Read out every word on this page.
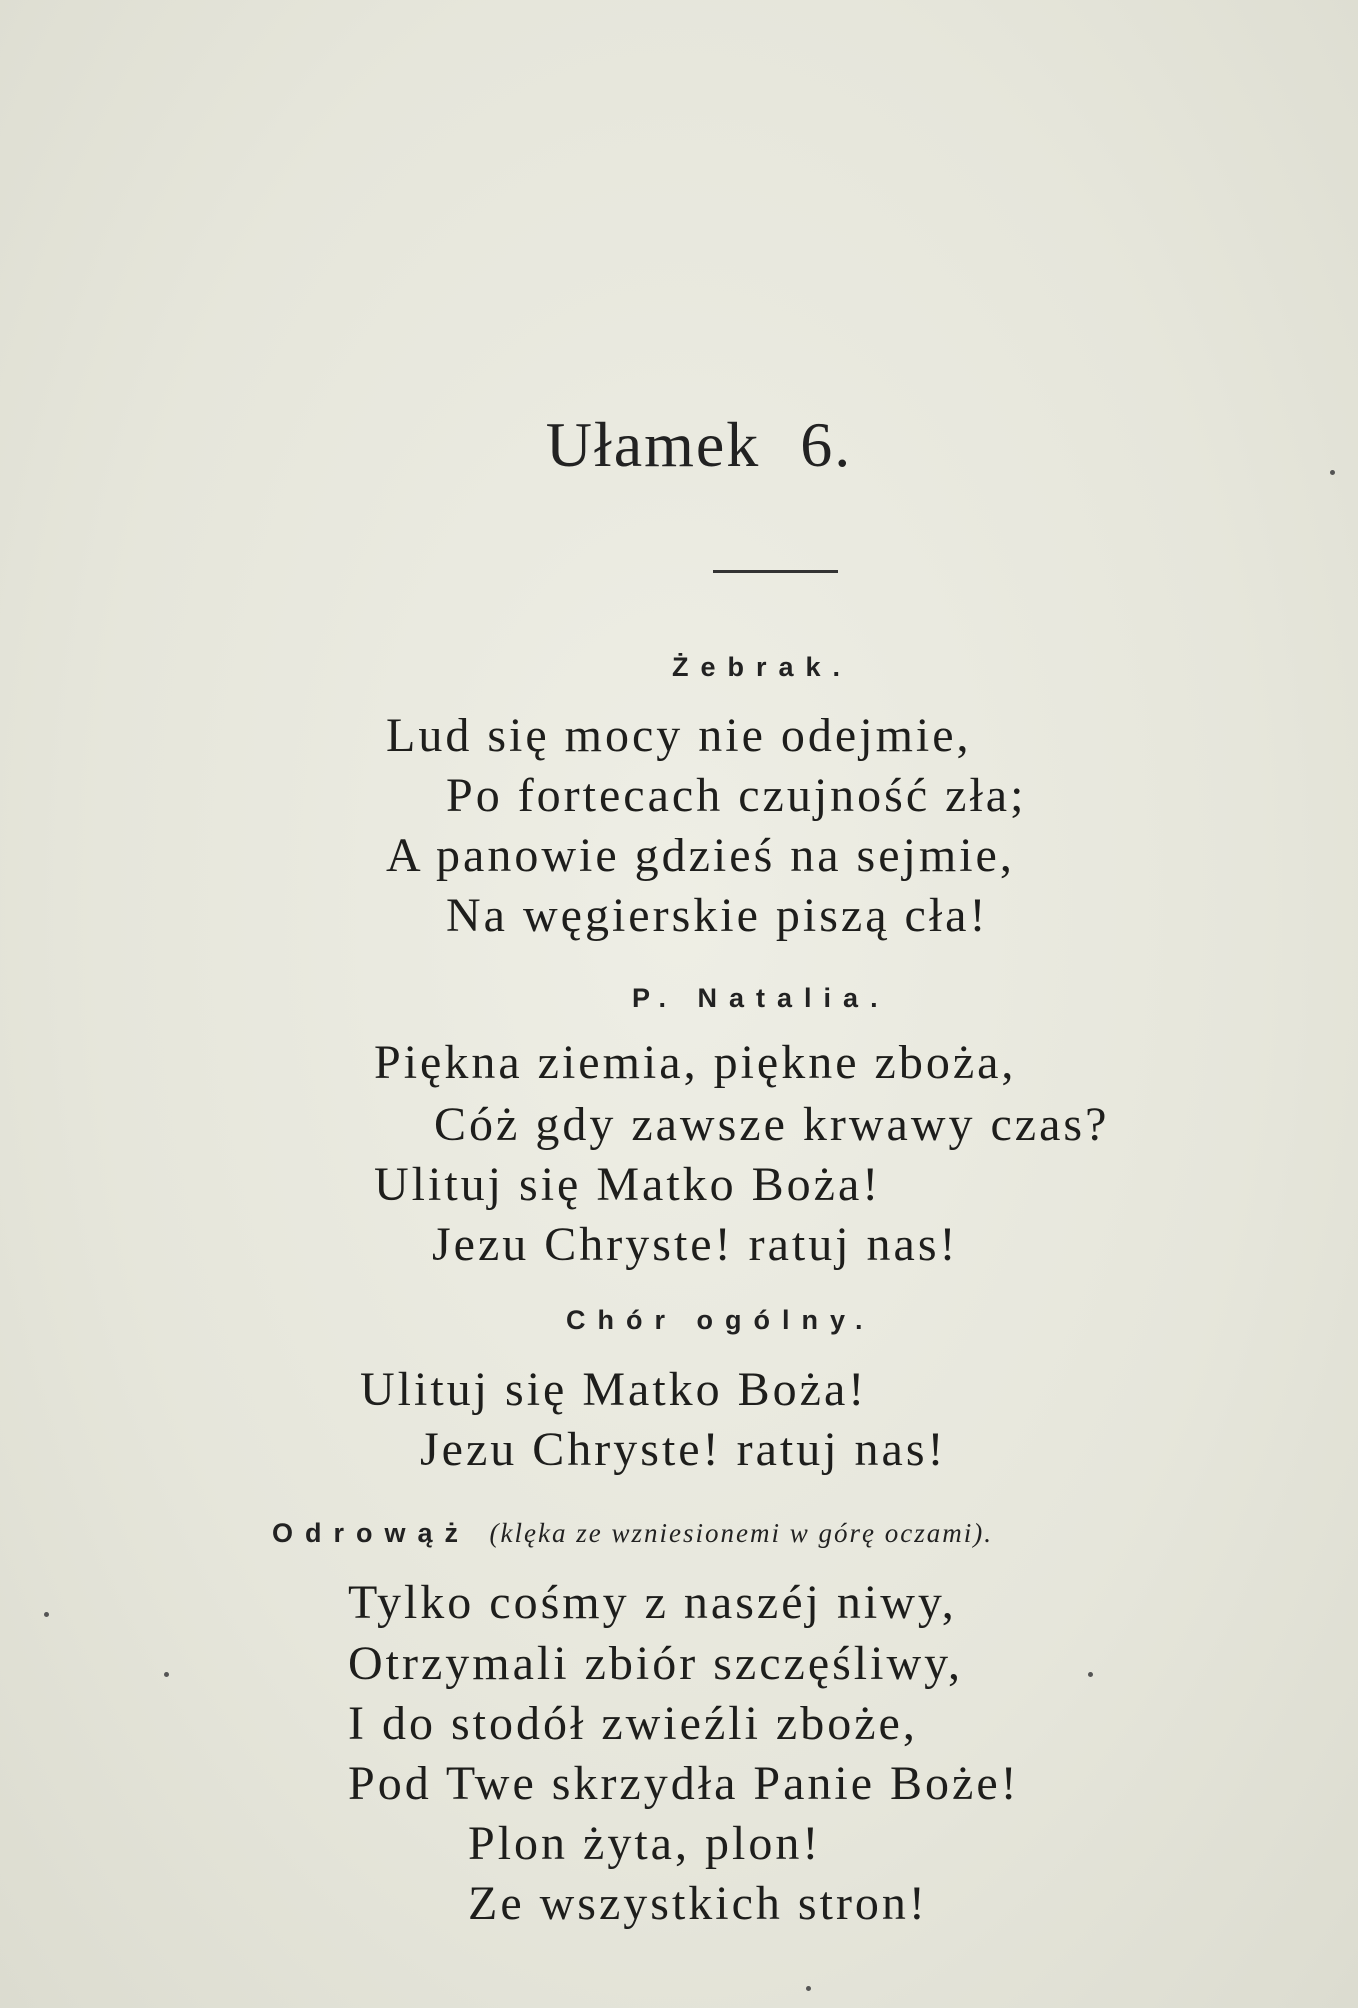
Ułamek 6.
Żebrak.
Lud się mocy nie odejmie,
Po fortecach czujność zła;
A panowie gdzieś na sejmie,
Na węgierskie piszą cła!
P. Natalia.
Piękna ziemia, piękne zboża,
Cóż gdy zawsze krwawy czas?
Ulituj się Matko Boża!
Jezu Chryste! ratuj nas!
Chór ogólny.
Ulituj się Matko Boża!
Jezu Chryste! ratuj nas!
Odrowąż (klęka ze wzniesionemi w górę oczami).
Tylko cośmy z naszéj niwy,
Otrzymali zbiór szczęśliwy,
I do stodół zwieźli zboże,
Pod Twe skrzydła Panie Boże!
Plon żyta, plon!
Ze wszystkich stron!
